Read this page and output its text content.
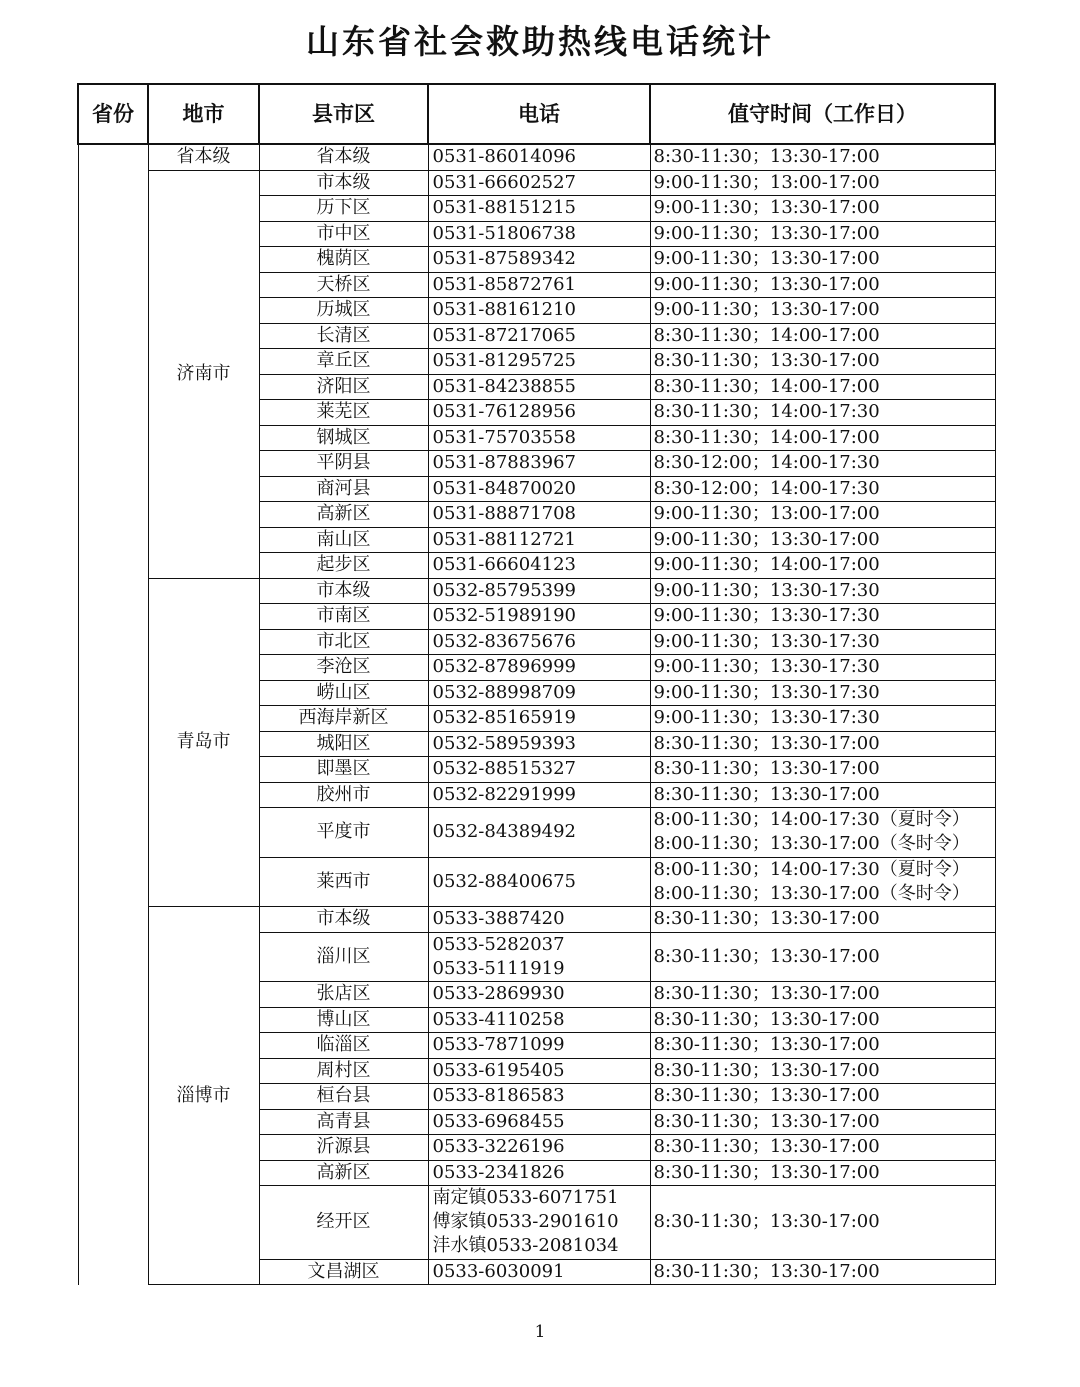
山东省社会救助热线电话统计
省份	地市	县市区	电话	值守时间（工作日）
	省本级	省本级	0531-86014096	8:30-11:30；13:30-17:00

	济南市	市本级	0531-66602527	9:00-11:30；13:00-17:00

		历下区	0531-88151215	9:00-11:30；13:30-17:00

		市中区	0531-51806738	9:00-11:30；13:30-17:00

		槐荫区	0531-87589342	9:00-11:30；13:30-17:00

		天桥区	0531-85872761	9:00-11:30；13:30-17:00

		历城区	0531-88161210	9:00-11:30；13:30-17:00

		长清区	0531-87217065	8:30-11:30；14:00-17:00

		章丘区	0531-81295725	8:30-11:30；13:30-17:00

		济阳区	0531-84238855	8:30-11:30；14:00-17:00

		莱芜区	0531-76128956	8:30-11:30；14:00-17:30

		钢城区	0531-75703558	8:30-11:30；14:00-17:00

		平阴县	0531-87883967	8:30-12:00；14:00-17:30

		商河县	0531-84870020	8:30-12:00；14:00-17:30

		高新区	0531-88871708	9:00-11:30；13:00-17:00

		南山区	0531-88112721	9:00-11:30；13:30-17:00

		起步区	0531-66604123	9:00-11:30；14:00-17:00

	青岛市	市本级	0532-85795399	9:00-11:30；13:30-17:30

		市南区	0532-51989190	9:00-11:30；13:30-17:30

		市北区	0532-83675676	9:00-11:30；13:30-17:30

		李沧区	0532-87896999	9:00-11:30；13:30-17:30

		崂山区	0532-88998709	9:00-11:30；13:30-17:30

		西海岸新区	0532-85165919	9:00-11:30；13:30-17:30

		城阳区	0532-58959393	8:30-11:30；13:30-17:00

		即墨区	0532-88515327	8:30-11:30；13:30-17:00

		胶州市	0532-82291999	8:30-11:30；13:30-17:00

		平度市	0532-84389492	8:00-11:30；14:00-17:30（夏时令）
8:00-11:30；13:30-17:00（冬时令）

		莱西市	0532-88400675	8:00-11:30；14:00-17:30（夏时令）
8:00-11:30；13:30-17:00（冬时令）

	淄博市	市本级	0533-3887420	8:30-11:30；13:30-17:00

		淄川区	0533-5282037
0533-5111919	8:30-11:30；13:30-17:00

		张店区	0533-2869930	8:30-11:30；13:30-17:00

		博山区	0533-4110258	8:30-11:30；13:30-17:00

		临淄区	0533-7871099	8:30-11:30；13:30-17:00

		周村区	0533-6195405	8:30-11:30；13:30-17:00

		桓台县	0533-8186583	8:30-11:30；13:30-17:00

		高青县	0533-6968455	8:30-11:30；13:30-17:00

		沂源县	0533-3226196	8:30-11:30；13:30-17:00

		高新区	0533-2341826	8:30-11:30；13:30-17:00

		经开区	南定镇0533-6071751
傅家镇0533-2901610
沣水镇0533-2081034	8:30-11:30；13:30-17:00

		文昌湖区	0533-6030091	8:30-11:30；13:30-17:00
1
